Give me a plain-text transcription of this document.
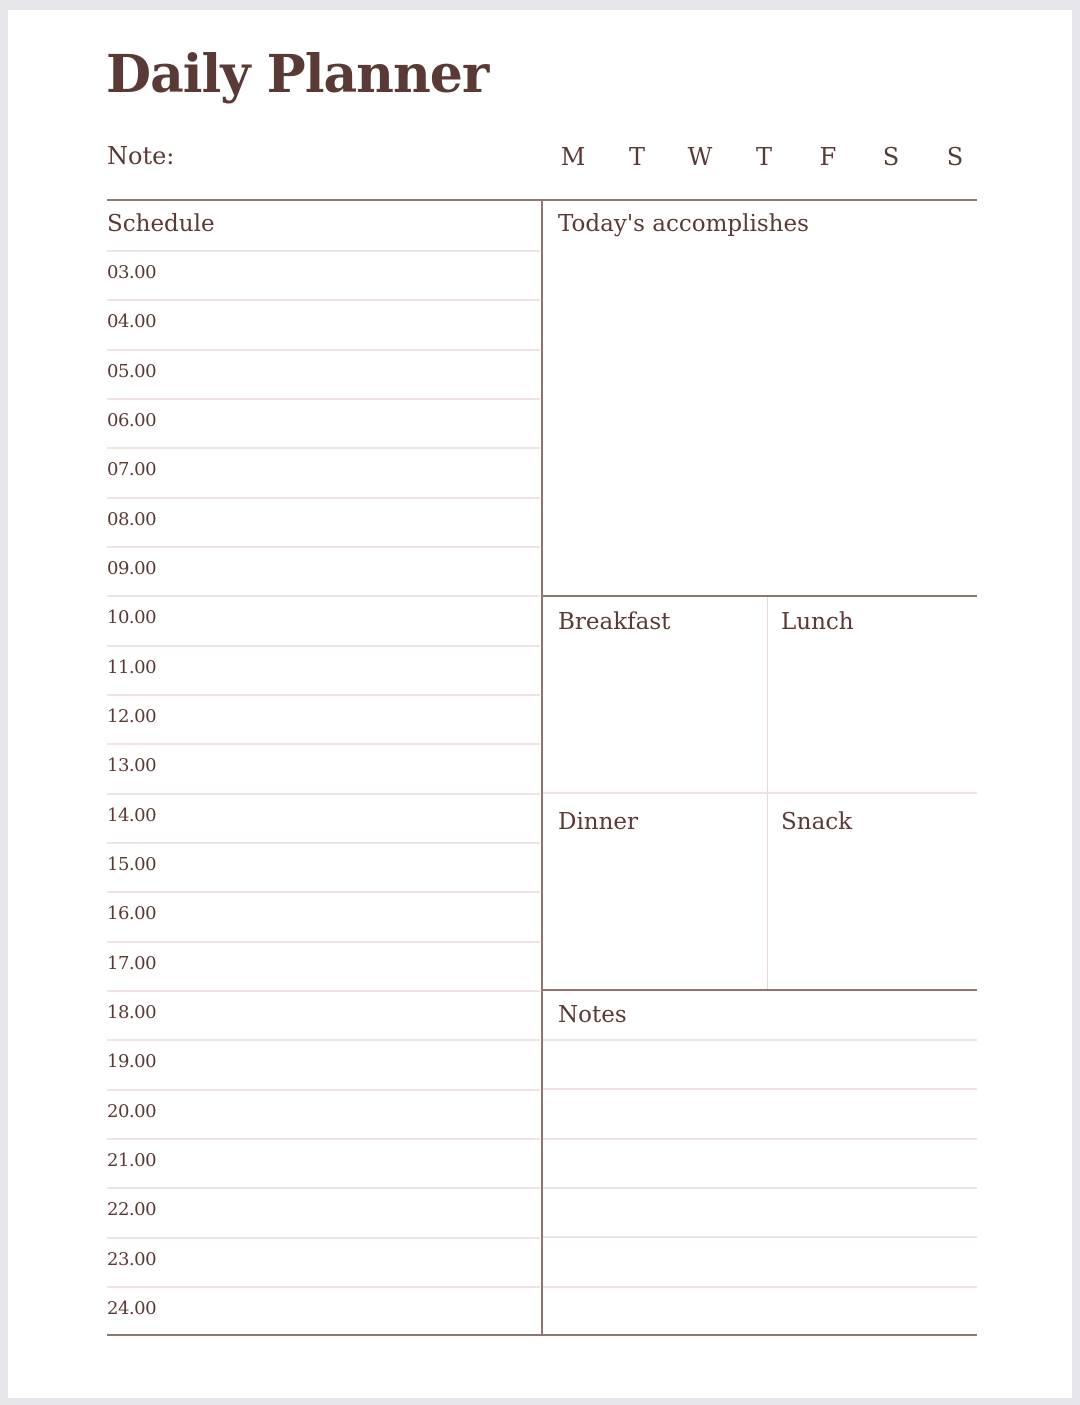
Daily Planner
Note:	M T W T F S S
Schedule
03.00
04.00
05.00
06.00
07.00
08.00
09.00
10.00
11.00
12.00
13.00
14.00
15.00
16.00
17.00
18.00
19.00
20.00
21.00
22.00
23.00
24.00
Today's accomplishes
Breakfast	Lunch
Dinner	Snack
Notes
